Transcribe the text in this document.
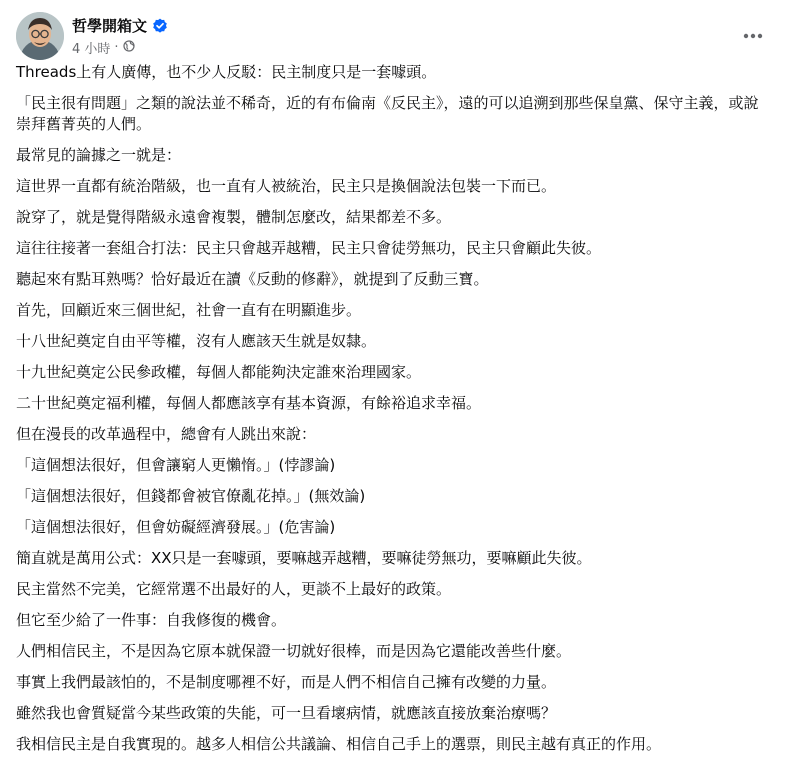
哲學開箱文
4 小時 ·

Threads上有人廣傳，也不少人反駁：民主制度只是一套噱頭。

「民主很有問題」之類的說法並不稀奇，近的有布倫南《反民主》，遠的可以追溯到那些保皇黨、保守主義，或說崇拜舊菁英的人們。

最常見的論據之一就是：

這世界一直都有統治階級，也一直有人被統治，民主只是換個說法包裝一下而已。

說穿了，就是覺得階級永遠會複製，體制怎麼改，結果都差不多。

這往往接著一套組合打法：民主只會越弄越糟，民主只會徒勞無功，民主只會顧此失彼。

聽起來有點耳熟嗎？恰好最近在讀《反動的修辭》，就提到了反動三寶。

首先，回顧近來三個世紀，社會一直有在明顯進步。

十八世紀奠定自由平等權，沒有人應該天生就是奴隸。

十九世紀奠定公民參政權，每個人都能夠決定誰來治理國家。

二十世紀奠定福利權，每個人都應該享有基本資源，有餘裕追求幸福。

但在漫長的改革過程中，總會有人跳出來說：

「這個想法很好，但會讓窮人更懶惰。」(悖謬論)

「這個想法很好，但錢都會被官僚亂花掉。」(無效論)

「這個想法很好，但會妨礙經濟發展。」(危害論)

簡直就是萬用公式：XX只是一套噱頭，要嘛越弄越糟，要嘛徒勞無功，要嘛顧此失彼。

民主當然不完美，它經常選不出最好的人，更談不上最好的政策。

但它至少給了一件事：自我修復的機會。

人們相信民主，不是因為它原本就保證一切就好很棒，而是因為它還能改善些什麼。

事實上我們最該怕的，不是制度哪裡不好，而是人們不相信自己擁有改變的力量。

雖然我也會質疑當今某些政策的失能，可一旦看壞病情，就應該直接放棄治療嗎？

我相信民主是自我實現的。越多人相信公共議論、相信自己手上的選票，則民主越有真正的作用。
